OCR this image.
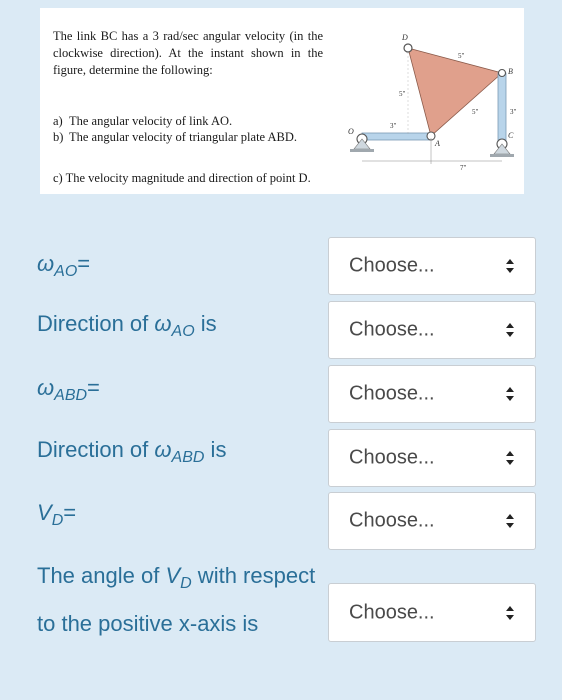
The link BC has a 3 rad/sec angular velocity (in the clockwise direction). At the instant shown in the figure, determine the following:
a) The angular velocity of link AO.
b) The angular velocity of triangular plate ABD.
c) The velocity magnitude and direction of point D.
D
B
A
O	C
5"
5"
5"	3"
3"
7"
$\omega_{AO}=$	Choose...
Direction of $\omega_{AO}$ is	Choose...
$\omega_{ABD}=$	Choose...
Direction of $\omega_{ABD}$ is	Choose...
$V_D=$	Choose...
The angle of $V_D$ with respect to the positive x-axis is	Choose...
